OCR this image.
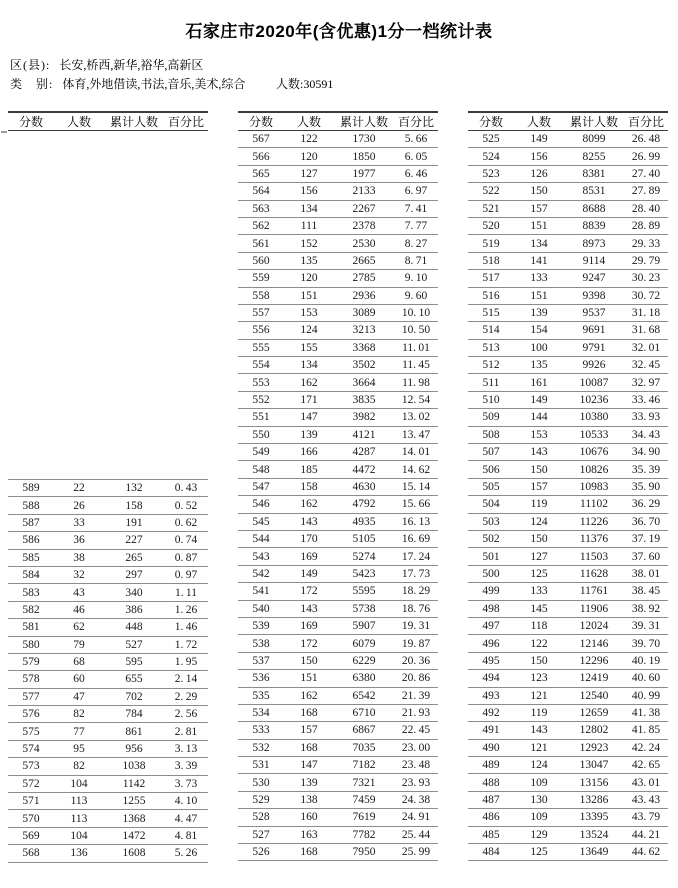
石家庄市2020年(含优惠)1分一档统计表
区(县): 长安,桥西,新华,裕华,高新区
类　别: 体育,外地借读,书法,音乐,美术,综合	人数:30591
分数	人数	累计人数 百分比
589	22	132	0. 43
588	26	158	0. 52
587	33	191	0. 62
586	36	227	0. 74
585	38	265	0. 87
584	32	297	0. 97
583	43	340	1. 11
582	46	386	1. 26
581	62	448	1. 46
580	79	527	1. 72
579	68	595	1. 95
578	60	655	2. 14
577	47	702	2. 29
576	82	784	2. 56
575	77	861	2. 81
574	95	956	3. 13
573	82	1038	3. 39
572	104	1142	3. 73
571	113	1255	4. 10
570	113	1368	4. 47
569	104	1472	4. 81
568	136	1608	5. 26
分数	人数	累计人数 百分比
567	122	1730	5. 66
566	120	1850	6. 05
565	127	1977	6. 46
564	156	2133	6. 97
563	134	2267	7. 41
562	111	2378	7. 77
561	152	2530	8. 27
560	135	2665	8. 71
559	120	2785	9. 10
558	151	2936	9. 60
557	153	3089	10. 10
556	124	3213	10. 50
555	155	3368	11. 01
554	134	3502	11. 45
553	162	3664	11. 98
552	171	3835	12. 54
551	147	3982	13. 02
550	139	4121	13. 47
549	166	4287	14. 01
548	185	4472	14. 62
547	158	4630	15. 14
546	162	4792	15. 66
545	143	4935	16. 13
544	170	5105	16. 69
543	169	5274	17. 24
542	149	5423	17. 73
541	172	5595	18. 29
540	143	5738	18. 76
539	169	5907	19. 31
538	172	6079	19. 87
537	150	6229	20. 36
536	151	6380	20. 86
535	162	6542	21. 39
534	168	6710	21. 93
533	157	6867	22. 45
532	168	7035	23. 00
531	147	7182	23. 48
530	139	7321	23. 93
529	138	7459	24. 38
528	160	7619	24. 91
527	163	7782	25. 44
526	168	7950	25. 99
分数	人数	累计人数 百分比
525	149	8099	26. 48
524	156	8255	26. 99
523	126	8381	27. 40
522	150	8531	27. 89
521	157	8688	28. 40
520	151	8839	28. 89
519	134	8973	29. 33
518	141	9114	29. 79
517	133	9247	30. 23
516	151	9398	30. 72
515	139	9537	31. 18
514	154	9691	31. 68
513	100	9791	32. 01
512	135	9926	32. 45
511	161	10087	32. 97
510	149	10236	33. 46
509	144	10380	33. 93
508	153	10533	34. 43
507	143	10676	34. 90
506	150	10826	35. 39
505	157	10983	35. 90
504	119	11102	36. 29
503	124	11226	36. 70
502	150	11376	37. 19
501	127	11503	37. 60
500	125	11628	38. 01
499	133	11761	38. 45
498	145	11906	38. 92
497	118	12024	39. 31
496	122	12146	39. 70
495	150	12296	40. 19
494	123	12419	40. 60
493	121	12540	40. 99
492	119	12659	41. 38
491	143	12802	41. 85
490	121	12923	42. 24
489	124	13047	42. 65
488	109	13156	43. 01
487	130	13286	43. 43
486	109	13395	43. 79
485	129	13524	44. 21
484	125	13649	44. 62
